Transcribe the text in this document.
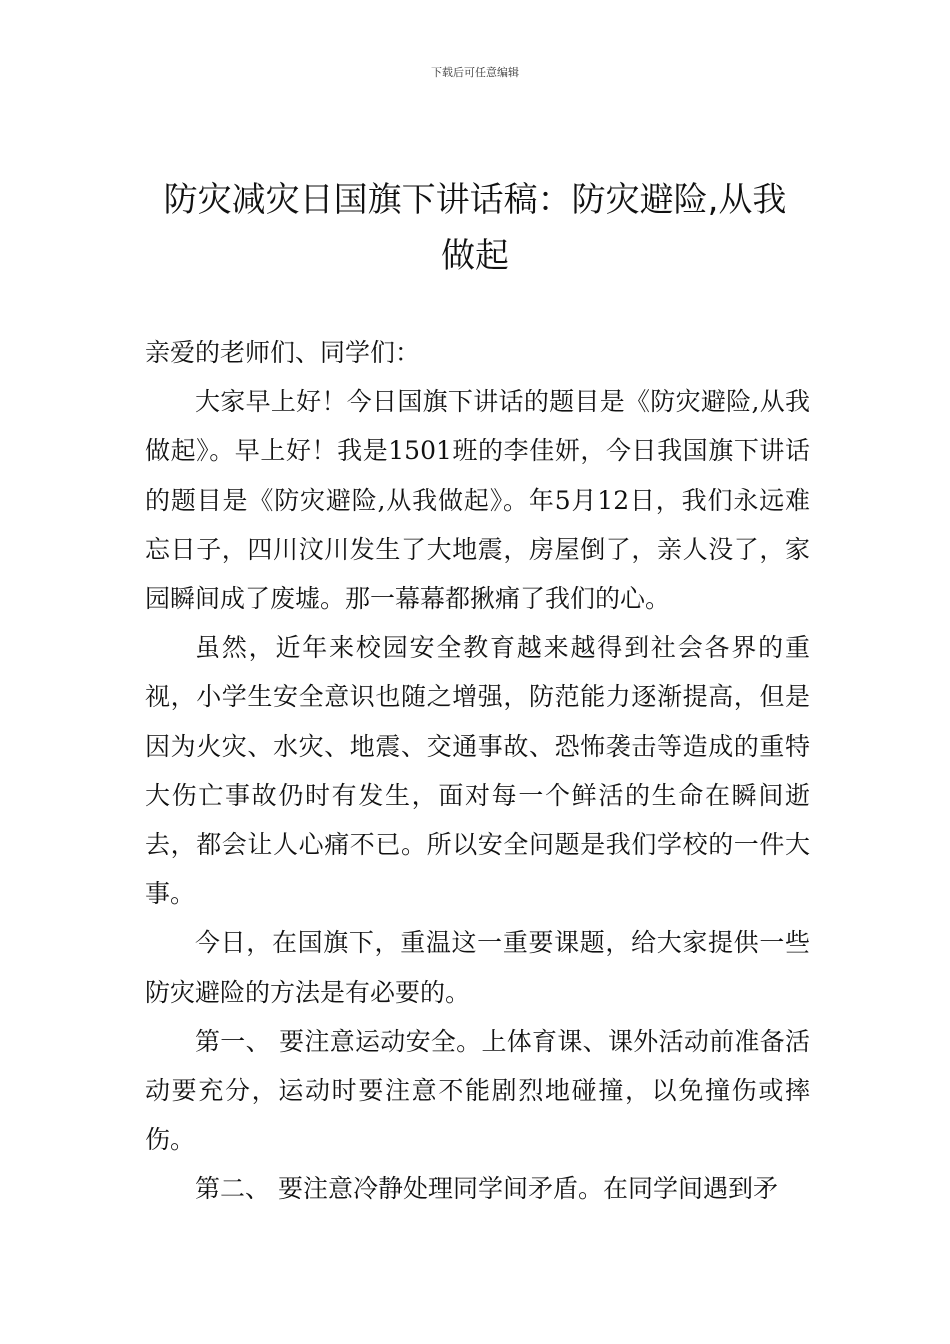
下载后可任意编辑
防灾减灾日国旗下讲话稿：防灾避险,从我
做起

亲爱的老师们、同学们：

大家早上好！今日国旗下讲话的题目是《防灾避险,从我做起》。早上好！我是1501班的李佳妍，今日我国旗下讲话的题目是《防灾避险,从我做起》。年5月12日，我们永远难忘日子，四川汶川发生了大地震，房屋倒了，亲人没了，家园瞬间成了废墟。那一幕幕都揪痛了我们的心。

虽然，近年来校园安全教育越来越得到社会各界的重视，小学生安全意识也随之增强，防范能力逐渐提高，但是因为火灾、水灾、地震、交通事故、恐怖袭击等造成的重特大伤亡事故仍时有发生，面对每一个鲜活的生命在瞬间逝去，都会让人心痛不已。所以安全问题是我们学校的一件大事。

今日，在国旗下，重温这一重要课题，给大家提供一些防灾避险的方法是有必要的。

第一、 要注意运动安全。上体育课、课外活动前准备活动要充分，运动时要注意不能剧烈地碰撞，以免撞伤或摔伤。

第二、 要注意冷静处理同学间矛盾。在同学间遇到矛
